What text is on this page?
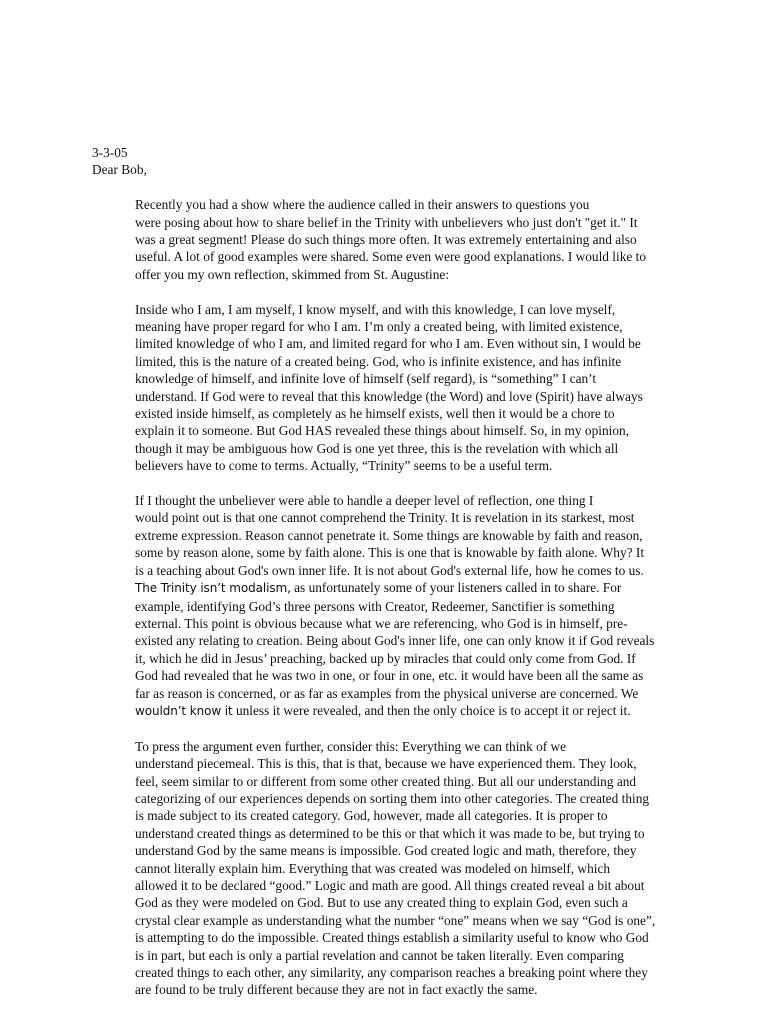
3-3-05
Dear Bob,

Recently you had a show where the audience called in their answers to questions you
were posing about how to share belief in the Trinity with unbelievers who just don't "get it." It
was a great segment! Please do such things more often. It was extremely entertaining and also
useful. A lot of good examples were shared. Some even were good explanations. I would like to
offer you my own reflection, skimmed from St. Augustine:

Inside who I am, I am myself, I know myself, and with this knowledge, I can love myself,
meaning have proper regard for who I am. I’m only a created being, with limited existence,
limited knowledge of who I am, and limited regard for who I am. Even without sin, I would be
limited, this is the nature of a created being. God, who is infinite existence, and has infinite
knowledge of himself, and infinite love of himself (self regard), is “something” I can’t
understand. If God were to reveal that this knowledge (the Word) and love (Spirit) have always
existed inside himself, as completely as he himself exists, well then it would be a chore to
explain it to someone. But God HAS revealed these things about himself. So, in my opinion,
though it may be ambiguous how God is one yet three, this is the revelation with which all
believers have to come to terms. Actually, “Trinity” seems to be a useful term.

If I thought the unbeliever were able to handle a deeper level of reflection, one thing I
would point out is that one cannot comprehend the Trinity. It is revelation in its starkest, most
extreme expression. Reason cannot penetrate it. Some things are knowable by faith and reason,
some by reason alone, some by faith alone. This is one that is knowable by faith alone. Why? It
is a teaching about God's own inner life. It is not about God's external life, how he comes to us.
The Trinity isn’t modalism, as unfortunately some of your listeners called in to share. For
example, identifying God’s three persons with Creator, Redeemer, Sanctifier is something
external. This point is obvious because what we are referencing, who God is in himself, pre-
existed any relating to creation. Being about God's inner life, one can only know it if God reveals
it, which he did in Jesus’ preaching, backed up by miracles that could only come from God. If
God had revealed that he was two in one, or four in one, etc. it would have been all the same as
far as reason is concerned, or as far as examples from the physical universe are concerned. We
wouldn’t know it unless it were revealed, and then the only choice is to accept it or reject it.

To press the argument even further, consider this: Everything we can think of we
understand piecemeal. This is this, that is that, because we have experienced them. They look,
feel, seem similar to or different from some other created thing. But all our understanding and
categorizing of our experiences depends on sorting them into other categories. The created thing
is made subject to its created category. God, however, made all categories. It is proper to
understand created things as determined to be this or that which it was made to be, but trying to
understand God by the same means is impossible. God created logic and math, therefore, they
cannot literally explain him. Everything that was created was modeled on himself, which
allowed it to be declared “good.” Logic and math are good. All things created reveal a bit about
God as they were modeled on God. But to use any created thing to explain God, even such a
crystal clear example as understanding what the number “one” means when we say “God is one”,
is attempting to do the impossible. Created things establish a similarity useful to know who God
is in part, but each is only a partial revelation and cannot be taken literally. Even comparing
created things to each other, any similarity, any comparison reaches a breaking point where they
are found to be truly different because they are not in fact exactly the same.
